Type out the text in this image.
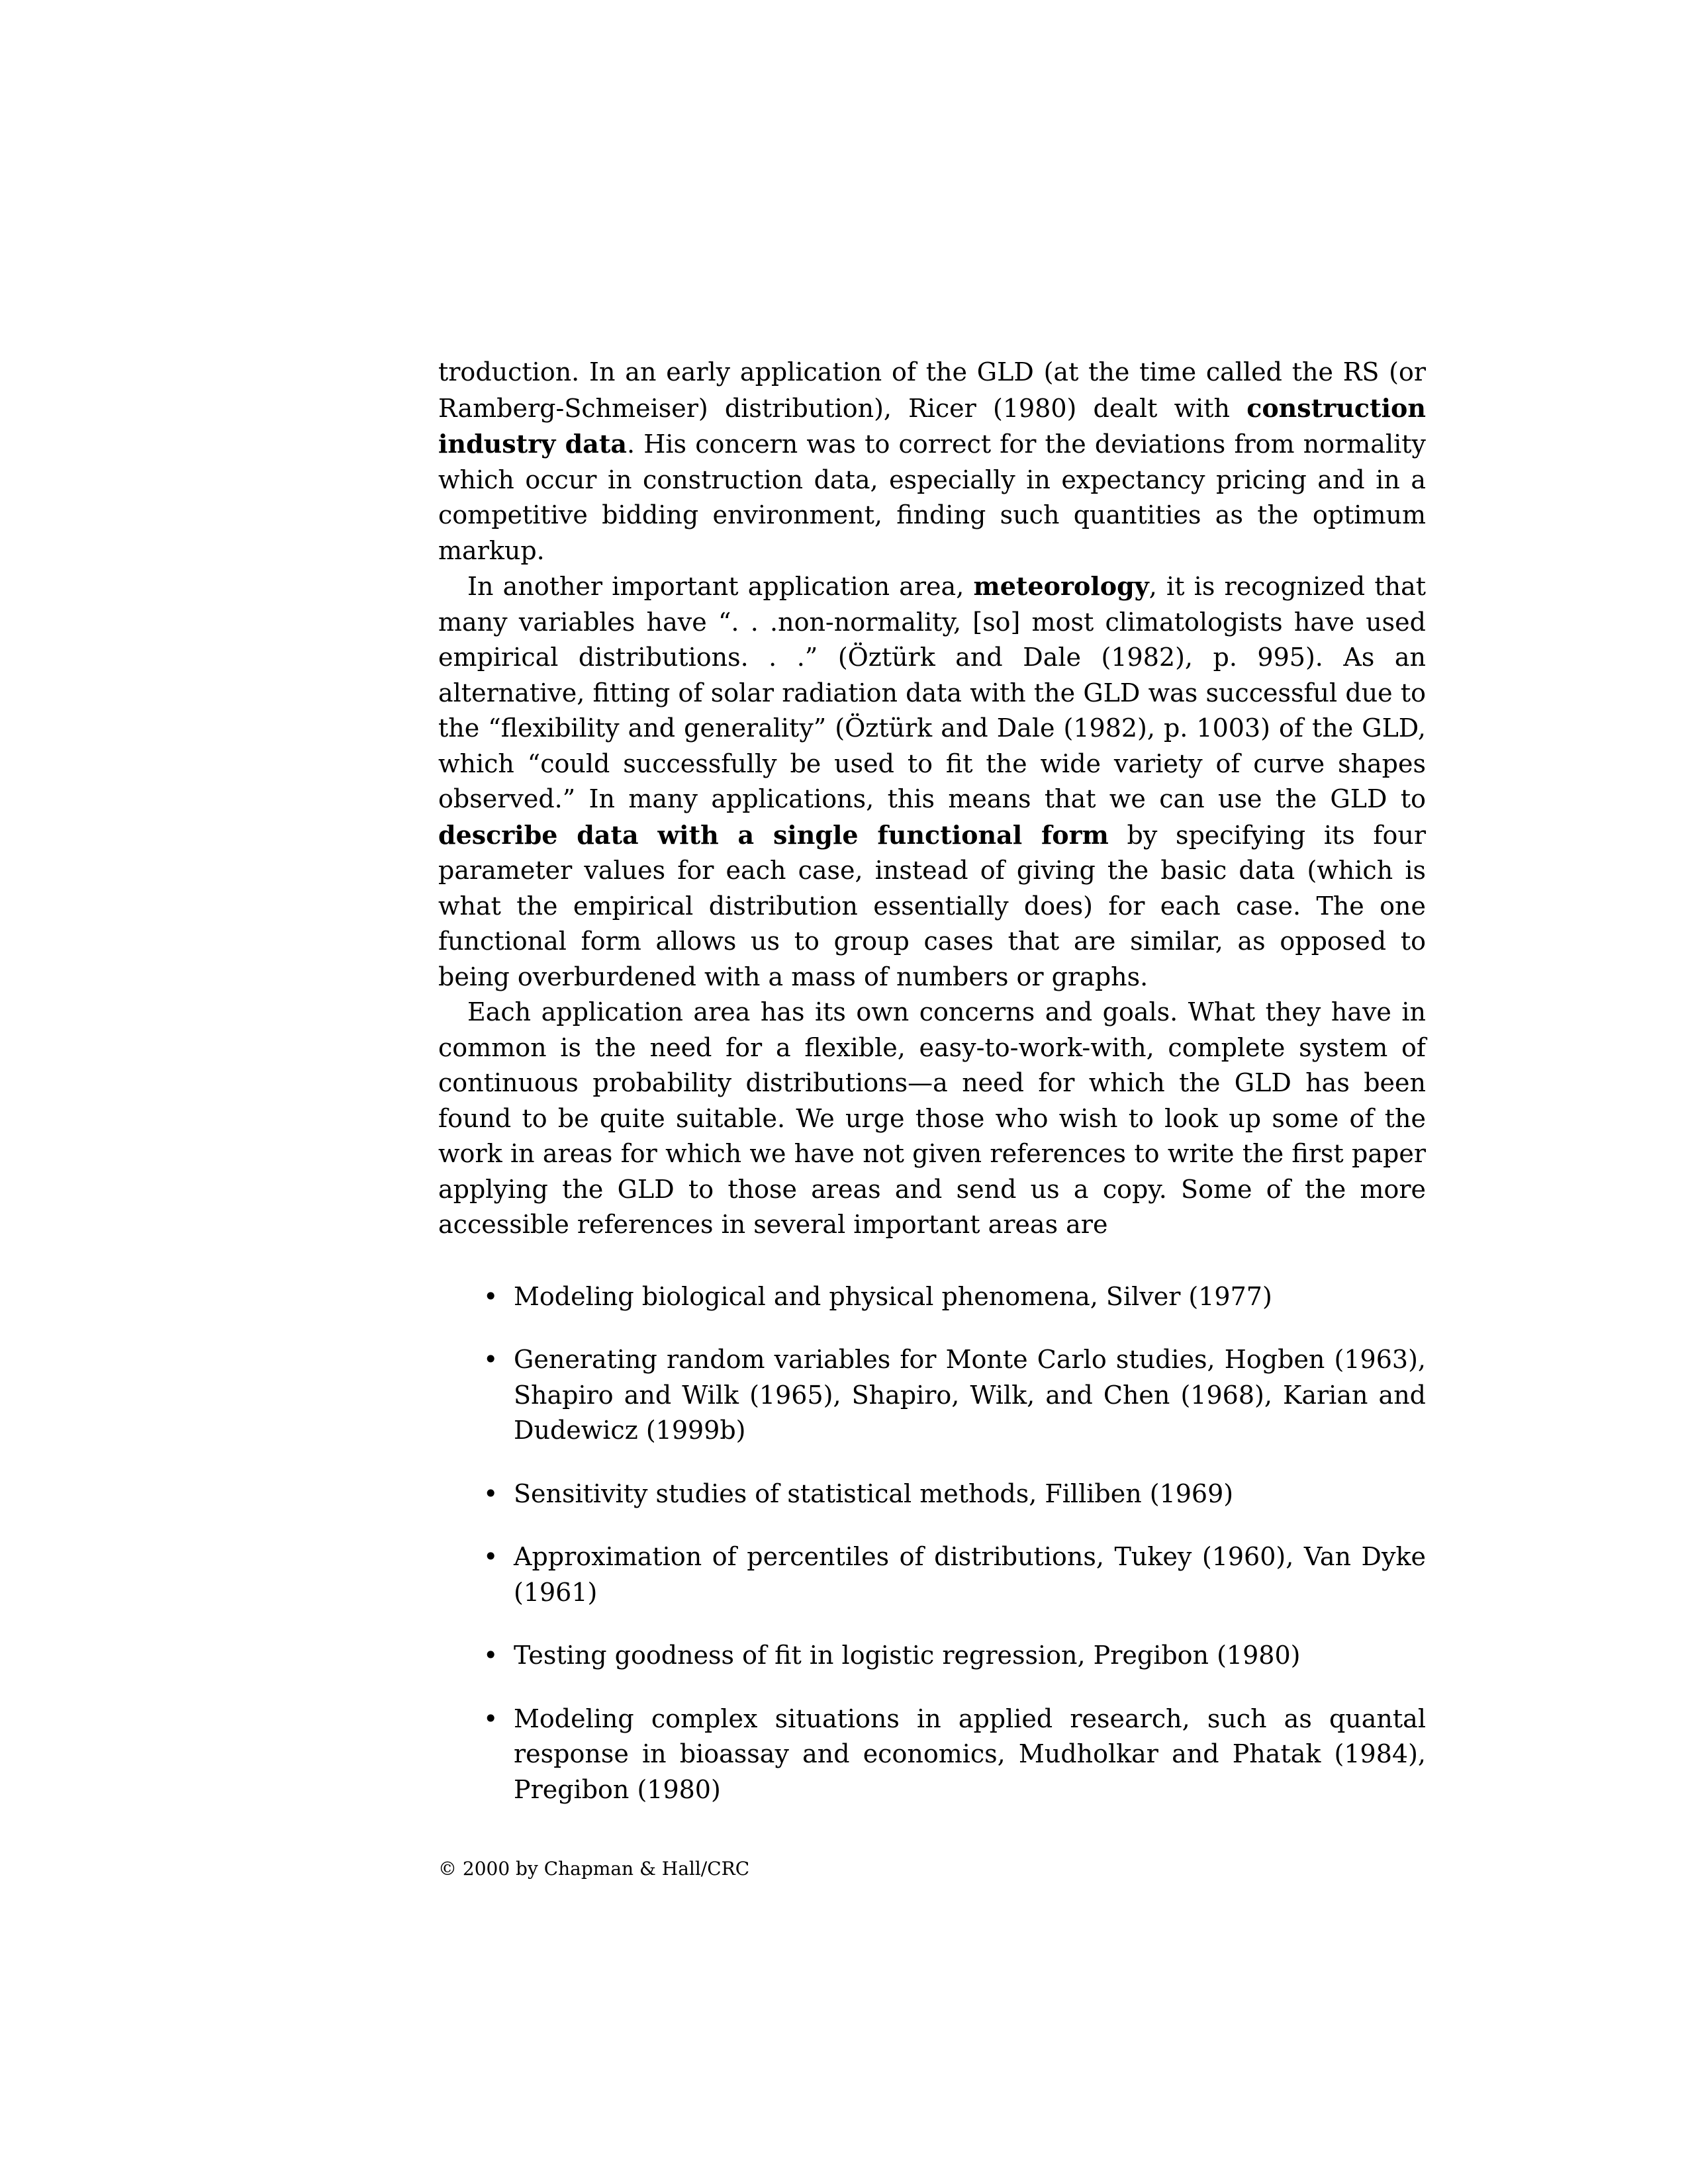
troduction. In an early application of the GLD (at the time called the RS (or Ramberg-Schmeiser) distribution), Ricer (1980) dealt with construction industry data. His concern was to correct for the deviations from normality which occur in construction data, especially in expectancy pricing and in a competitive bidding environment, finding such quantities as the optimum markup.

In another important application area, meteorology, it is recognized that many variables have “. . .non-normality, [so] most climatologists have used empirical distributions. . .” (Öztürk and Dale (1982), p. 995). As an alternative, fitting of solar radiation data with the GLD was successful due to the “flexibility and generality” (Öztürk and Dale (1982), p. 1003) of the GLD, which “could successfully be used to fit the wide variety of curve shapes observed.” In many applications, this means that we can use the GLD to describe data with a single functional form by specifying its four parameter values for each case, instead of giving the basic data (which is what the empirical distribution essentially does) for each case. The one functional form allows us to group cases that are similar, as opposed to being overburdened with a mass of numbers or graphs.

Each application area has its own concerns and goals. What they have in common is the need for a flexible, easy-to-work-with, complete system of continuous probability distributions—a need for which the GLD has been found to be quite suitable. We urge those who wish to look up some of the work in areas for which we have not given references to write the first paper applying the GLD to those areas and send us a copy. Some of the more accessible references in several important areas are

• Modeling biological and physical phenomena, Silver (1977)
• Generating random variables for Monte Carlo studies, Hogben (1963), Shapiro and Wilk (1965), Shapiro, Wilk, and Chen (1968), Karian and Dudewicz (1999b)
• Sensitivity studies of statistical methods, Filliben (1969)
• Approximation of percentiles of distributions, Tukey (1960), Van Dyke (1961)
• Testing goodness of fit in logistic regression, Pregibon (1980)
• Modeling complex situations in applied research, such as quantal response in bioassay and economics, Mudholkar and Phatak (1984), Pregibon (1980)
© 2000 by Chapman & Hall/CRC
